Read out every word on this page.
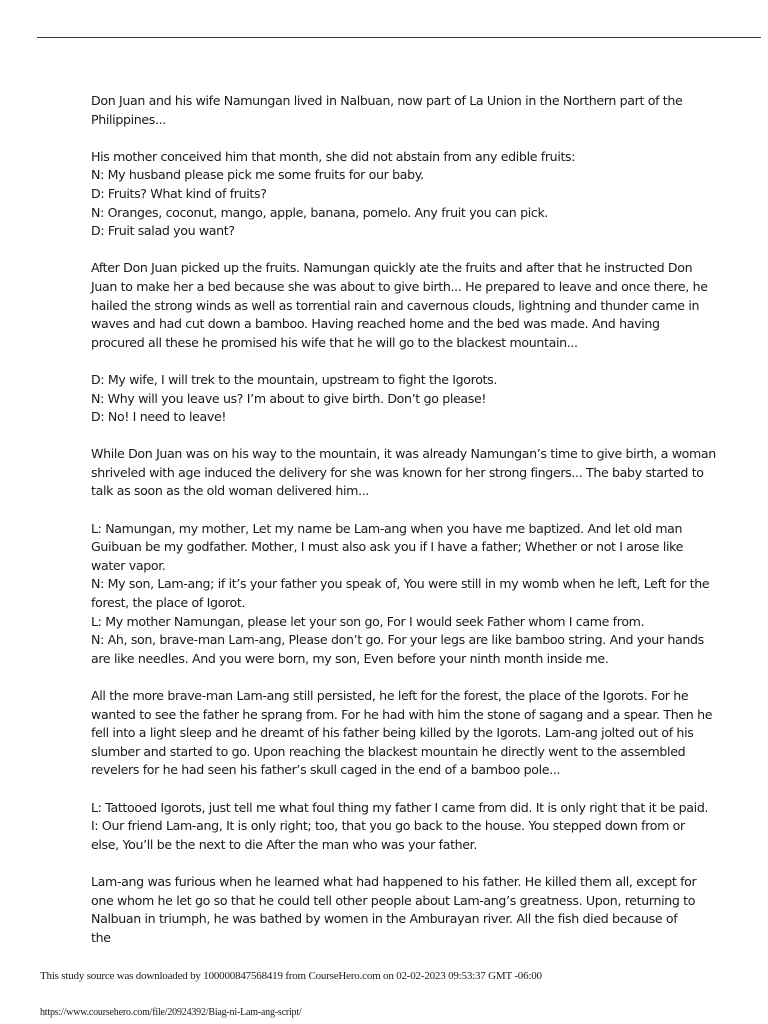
Don Juan and his wife Namungan lived in Nalbuan, now part of La Union in the Northern part of the
Philippines...
His mother conceived him that month, she did not abstain from any edible fruits:
N: My husband please pick me some fruits for our baby.
D: Fruits? What kind of fruits?
N: Oranges, coconut, mango, apple, banana, pomelo. Any fruit you can pick.
D: Fruit salad you want?
After Don Juan picked up the fruits. Namungan quickly ate the fruits and after that he instructed Don
Juan to make her a bed because she was about to give birth... He prepared to leave and once there, he
hailed the strong winds as well as torrential rain and cavernous clouds, lightning and thunder came in
waves and had cut down a bamboo. Having reached home and the bed was made. And having
procured all these he promised his wife that he will go to the blackest mountain...
D: My wife, I will trek to the mountain, upstream to fight the Igorots.
N: Why will you leave us? I’m about to give birth. Don’t go please!
D: No! I need to leave!
While Don Juan was on his way to the mountain, it was already Namungan’s time to give birth, a woman
shriveled with age induced the delivery for she was known for her strong fingers... The baby started to
talk as soon as the old woman delivered him...
L: Namungan, my mother, Let my name be Lam-ang when you have me baptized. And let old man
Guibuan be my godfather. Mother, I must also ask you if I have a father; Whether or not I arose like
water vapor.
N: My son, Lam-ang; if it’s your father you speak of, You were still in my womb when he left, Left for the
forest, the place of Igorot.
L: My mother Namungan, please let your son go, For I would seek Father whom I came from.
N: Ah, son, brave-man Lam-ang, Please don’t go. For your legs are like bamboo string. And your hands
are like needles. And you were born, my son, Even before your ninth month inside me.
All the more brave-man Lam-ang still persisted, he left for the forest, the place of the Igorots. For he
wanted to see the father he sprang from. For he had with him the stone of sagang and a spear. Then he
fell into a light sleep and he dreamt of his father being killed by the Igorots. Lam-ang jolted out of his
slumber and started to go. Upon reaching the blackest mountain he directly went to the assembled
revelers for he had seen his father’s skull caged in the end of a bamboo pole...
L: Tattooed Igorots, just tell me what foul thing my father I came from did. It is only right that it be paid.
I: Our friend Lam-ang, It is only right; too, that you go back to the house. You stepped down from or
else, You’ll be the next to die After the man who was your father.
Lam-ang was furious when he learned what had happened to his father. He killed them all, except for
one whom he let go so that he could tell other people about Lam-ang’s greatness. Upon, returning to
Nalbuan in triumph, he was bathed by women in the Amburayan river. All the fish died because of
the
This study source was downloaded by 100000847568419 from CourseHero.com on 02-02-2023 09:53:37 GMT -06:00
https://www.coursehero.com/file/20924392/Biag-ni-Lam-ang-script/
